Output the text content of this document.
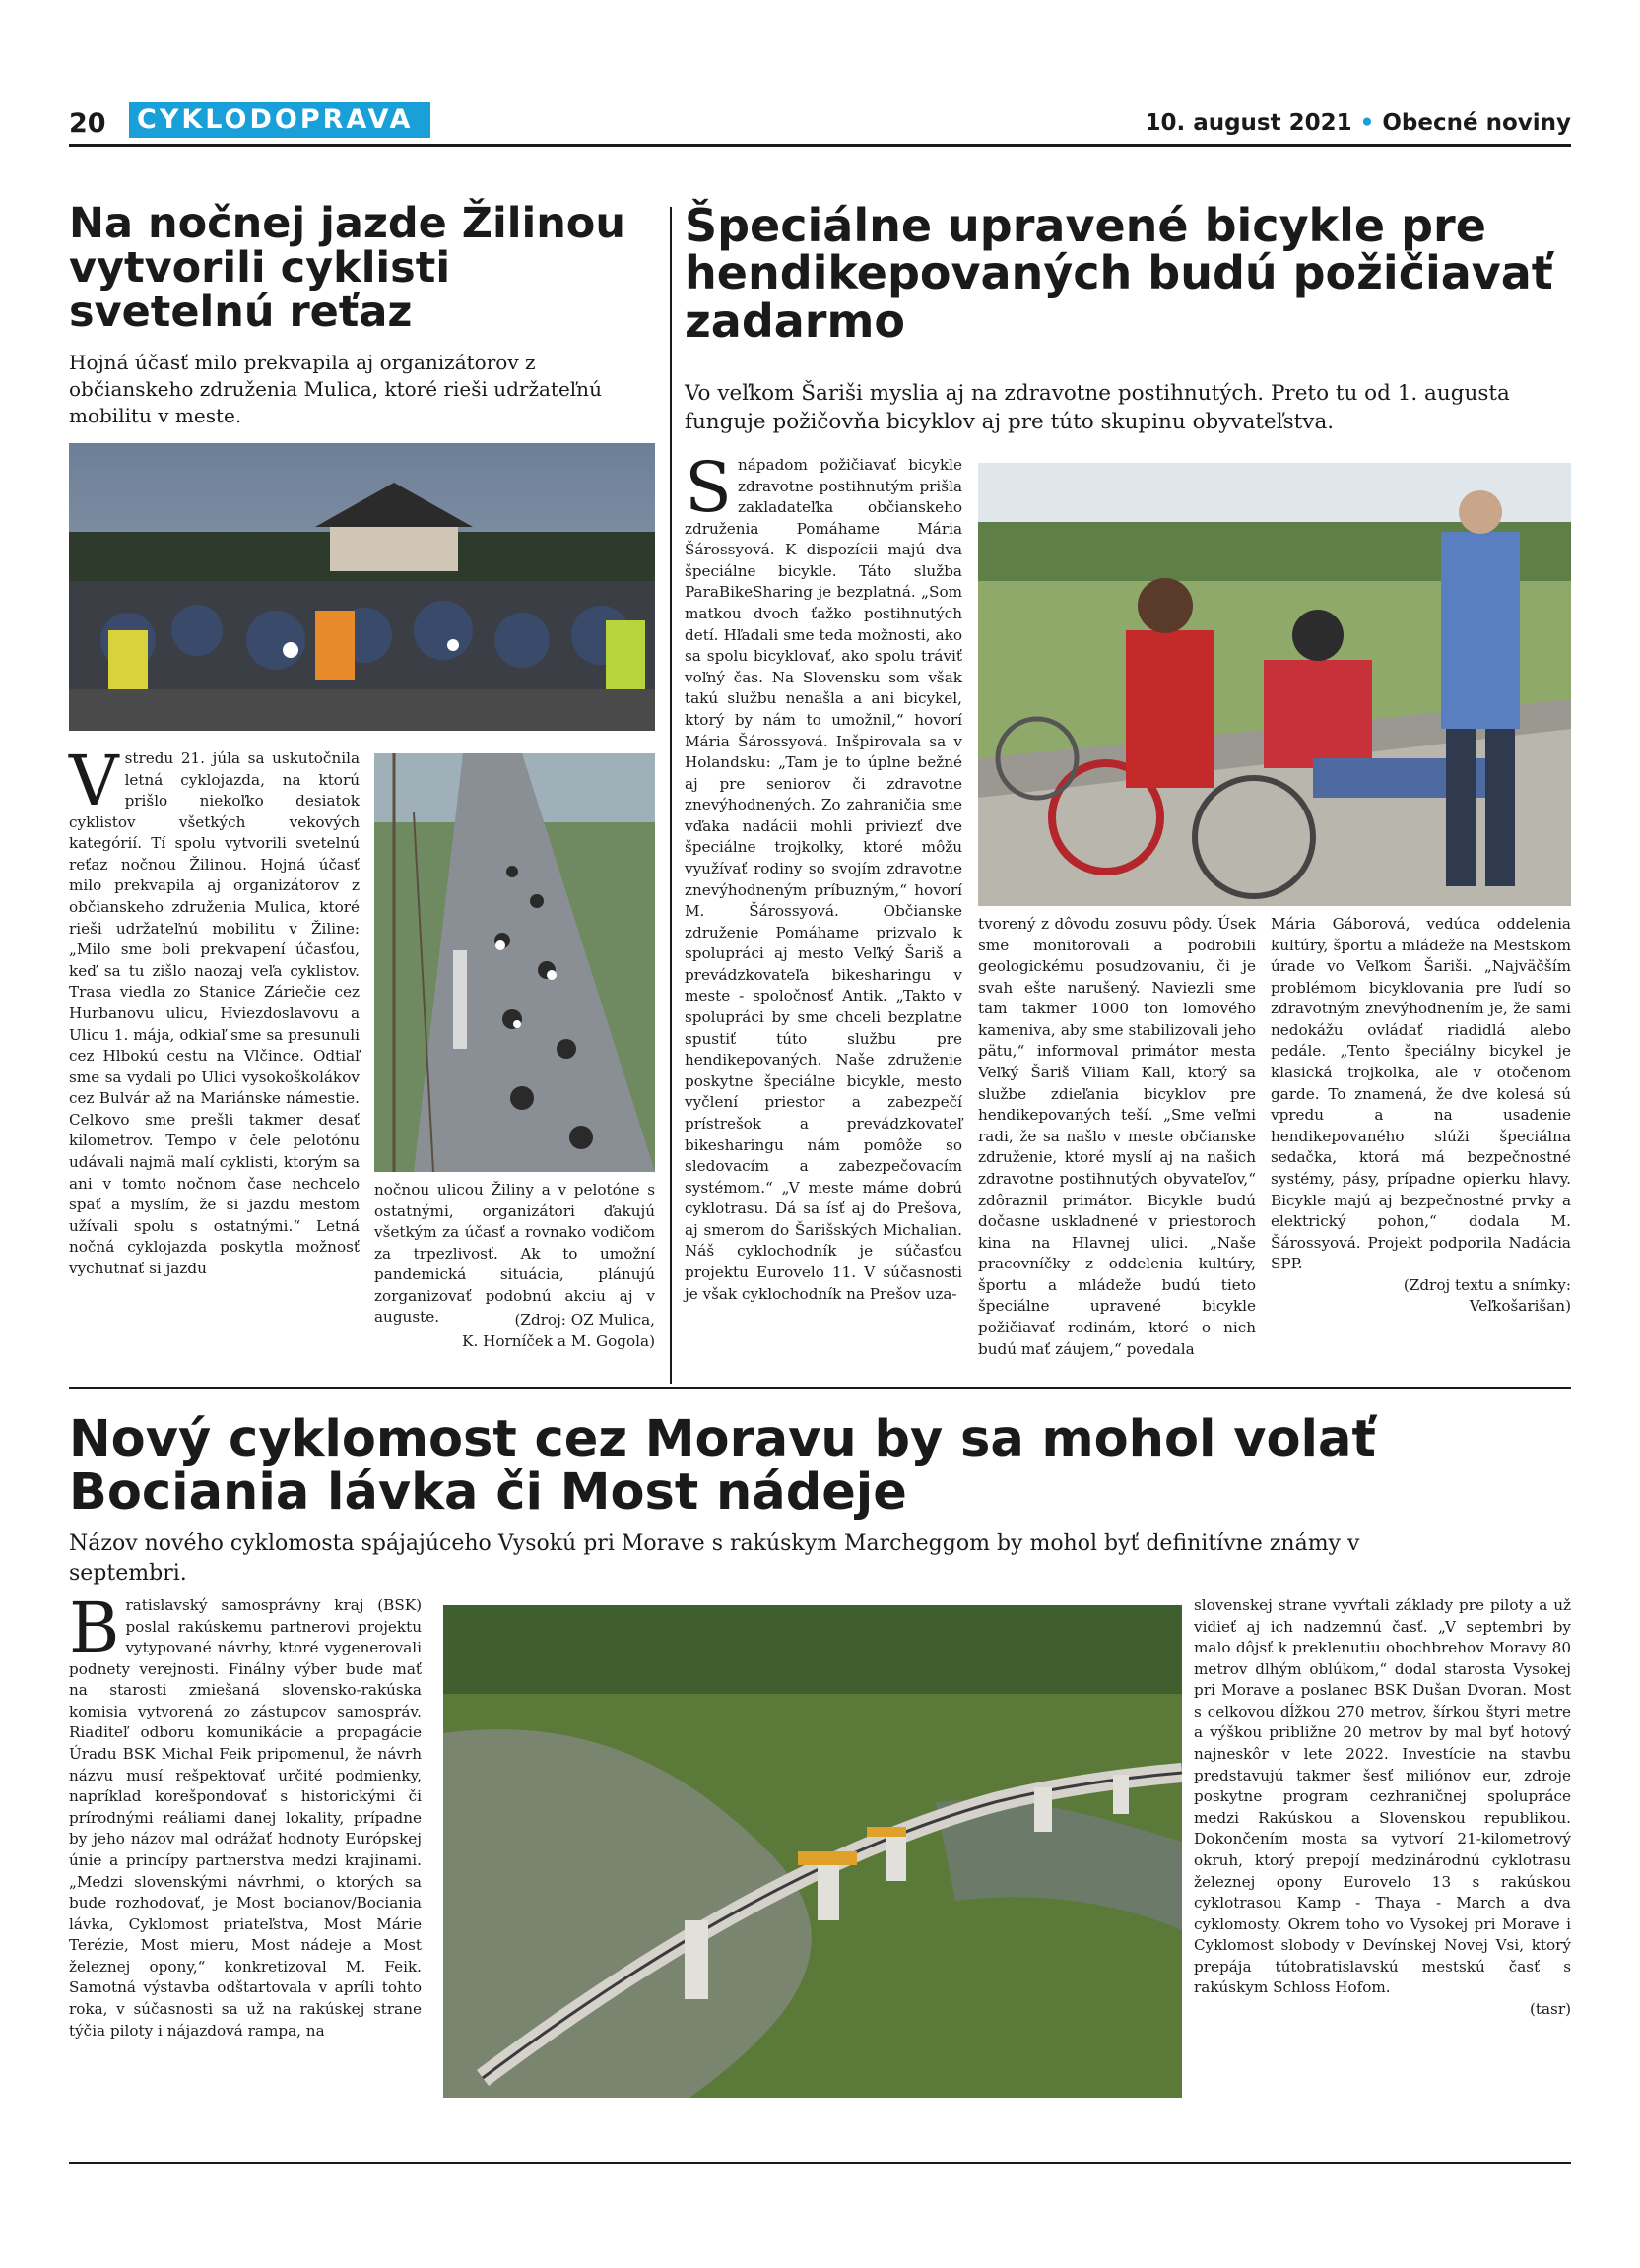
20 CYKLODOPRAVA	10. august 2021 • Obecné noviny
Na nočnej jazde Žilinou vytvorili cyklisti svetelnú reťaz
Hojná účasť milo prekvapila aj organizátorov z občianskeho združenia Mulica, ktoré rieši udržateľnú mobilitu v meste.
Vstredu 21. júla sa uskutočnila letná cyklojazda, na ktorú prišlo niekoľko desiatok cyklistov všetkých vekových kategórií. Tí spolu vytvorili svetelnú reťaz nočnou Žilinou. Hojná účasť milo prekvapila aj organizátorov z občianskeho združenia Mulica, ktoré rieši udržateľnú mobilitu v Žiline: „Milo sme boli prekvapení účasťou, keď sa tu zišlo naozaj veľa cyklistov. Trasa viedla zo Stanice Záriečie cez Hurbanovu ulicu, Hviezdoslavovu a Ulicu 1. mája, odkiaľ sme sa presunuli cez Hlbokú cestu na Vlčince. Odtiaľ sme sa vydali po Ulici vysokoškolákov cez Bulvár až na Mariánske námestie. Celkovo sme prešli takmer desať kilometrov. Tempo v čele pelotónu udávali najmä malí cyklisti, ktorým sa ani v tomto nočnom čase nechcelo spať a myslím, že si jazdu mestom užívali spolu s ostatnými.“ Letná nočná cyklojazda poskytla možnosť vychutnať si jazdu

nočnou ulicou Žiliny a v pelotóne s ostatnými, organizátori ďakujú všetkým za účasť a rovnako vodičom za trpezlivosť. Ak to umožní pandemická situácia, plánujú zorganizovať podobnú akciu aj v auguste.	(Zdroj: OZ Mulica,
K. Horníček a M. Gogola)
Špeciálne upravené bicykle pre hendikepovaných budú požičiavať zadarmo
Vo veľkom Šariši myslia aj na zdravotne postihnutých. Preto tu od 1. augusta funguje požičovňa bicyklov aj pre túto skupinu obyvateľstva.
Snápadom požičiavať bicykle zdravotne postihnutým prišla zakladateľka občianskeho združenia Pomáhame Mária Šárossyová. K dispozícii majú dva špeciálne bicykle. Táto služba ParaBikeSharing je bezplatná. „Som matkou dvoch ťažko postihnutých detí. Hľadali sme teda možnosti, ako sa spolu bicyklovať, ako spolu tráviť voľný čas. Na Slovensku som však takú službu nenašla a ani bicykel, ktorý by nám to umožnil,“ hovorí Mária Šárossyová. Inšpirovala sa v Holandsku: „Tam je to úplne bežné aj pre seniorov či zdravotne znevýhodnených. Zo zahraničia sme vďaka nadácii mohli priviezť dve špeciálne trojkolky, ktoré môžu využívať rodiny so svojím zdravotne znevýhodneným príbuzným,“ hovorí M. Šárossyová. Občianske združenie Pomáhame prizvalo k spolupráci aj mesto Veľký Šariš a prevádzkovateľa bikesharingu v meste - spoločnosť Antik. „Takto v spolupráci by sme chceli bezplatne spustiť túto službu pre hendikepovaných. Naše združenie poskytne špeciálne bicykle, mesto vyčlení priestor a zabezpečí prístrešok a prevádzkovateľ bikesharingu nám pomôže so sledovacím a zabezpečovacím systémom.“ „V meste máme dobrú cyklotrasu. Dá sa ísť aj do Prešova, aj smerom do Šarišských Michalian. Náš cyklochodník je súčasťou projektu Eurovelo 11. V súčasnosti je však cyklochodník na Prešov uza-

tvorený z dôvodu zosuvu pôdy. Úsek sme monitorovali a podrobili geologickému posudzovaniu, či je svah ešte narušený. Naviezli sme tam takmer 1000 ton lomového kameniva, aby sme stabilizovali jeho pätu,“ informoval primátor mesta Veľký Šariš Viliam Kall, ktorý sa službe zdieľania bicyklov pre hendikepovaných teší. „Sme veľmi radi, že sa našlo v meste občianske združenie, ktoré myslí aj na našich zdravotne postihnutých obyvateľov,“ zdôraznil primátor. Bicykle budú dočasne uskladnené v priestoroch kina na Hlavnej ulici. „Naše pracovníčky z oddelenia kultúry, športu a mládeže budú tieto špeciálne upravené bicykle požičiavať rodinám, ktoré o nich budú mať záujem,“ povedala

Mária Gáborová, vedúca oddelenia kultúry, športu a mládeže na Mestskom úrade vo Veľkom Šariši. „Najväčším problémom bicyklovania pre ľudí so zdravotným znevýhodnením je, že sami nedokážu ovládať riadidlá alebo pedále. „Tento špeciálny bicykel je klasická trojkolka, ale v otočenom garde. To znamená, že dve kolesá sú vpredu a na usadenie hendikepovaného slúži špeciálna sedačka, ktorá má bezpečnostné systémy, pásy, prípadne opierku hlavy. Bicykle majú aj bezpečnostné prvky a elektrický pohon,“ dodala M. Šárossyová. Projekt podporila Nadácia SPP.

(Zdroj textu a snímky:
Veľkošarišan)
Nový cyklomost cez Moravu by sa mohol volať
Bociania lávka či Most nádeje
Názov nového cyklomosta spájajúceho Vysokú pri Morave s rakúskym Marcheggom by mohol byť definitívne známy v septembri.
Bratislavský samosprávny kraj (BSK) poslal rakúskemu partnerovi projektu vytypované návrhy, ktoré vygenerovali podnety verejnosti. Finálny výber bude mať na starosti zmiešaná slovensko-rakúska komisia vytvorená zo zástupcov samospráv. Riaditeľ odboru komunikácie a propagácie Úradu BSK Michal Feik pripomenul, že návrh názvu musí rešpektovať určité podmienky, napríklad korešpondovať s historickými či prírodnými reáliami danej lokality, prípadne by jeho názov mal odrážať hodnoty Európskej únie a princípy partnerstva medzi krajinami. „Medzi slovenskými návrhmi, o ktorých sa bude rozhodovať, je Most bocianov/Bociania lávka, Cyklomost priateľstva, Most Márie Terézie, Most mieru, Most nádeje a Most železnej opony,“ konkretizoval M. Feik. Samotná výstavba odštartovala v apríli tohto roka, v súčasnosti sa už na rakúskej strane týčia piloty i nájazdová rampa, na

slovenskej strane vyvŕtali základy pre piloty a už vidieť aj ich nadzemnú časť. „V septembri by malo dôjsť k preklenutiu obochbrehov Moravy 80 metrov dlhým oblúkom,“ dodal starosta Vysokej pri Morave a poslanec BSK Dušan Dvoran. Most s celkovou dĺžkou 270 metrov, šírkou štyri metre a výškou približne 20 metrov by mal byť hotový najneskôr v lete 2022. Investície na stavbu predstavujú takmer šesť miliónov eur, zdroje poskytne program cezhraničnej spolupráce medzi Rakúskou a Slovenskou republikou. Dokončením mosta sa vytvorí 21-kilometrový okruh, ktorý prepojí medzinárodnú cyklotrasu železnej opony Eurovelo 13 s rakúskou cyklotrasou Kamp - Thaya - March a dva cyklomosty. Okrem toho vo Vysokej pri Morave i Cyklomost slobody v Devínskej Novej Vsi, ktorý prepája tútobratislavskú mestskú časť s rakúskym Schloss Hofom.

(tasr)
